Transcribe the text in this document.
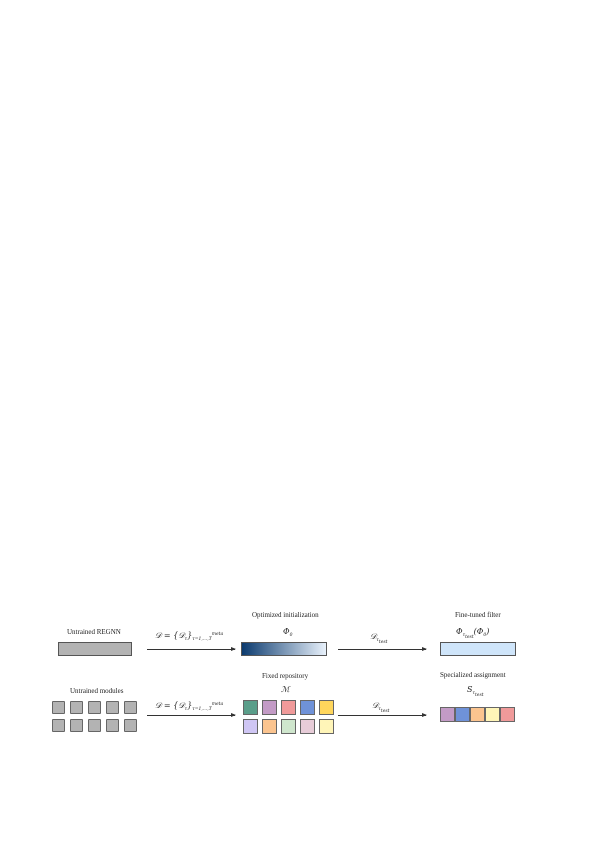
Untrained REGNN	𝒟 = $\{𝒟_\tau\}_{\tau=1,\dots,T}^{meta}$
Optimized initialization
$\Phi_0$	𝒟$_{\tau_{test}}$
Fine-tuned filter
$\Phi_{\tau_{test}}(\Phi_0)$
Untrained modules
𝒟 = $\{𝒟_\tau\}_{\tau=1,\dots,T}^{meta}$
Fixed repository
ℳ
𝒟$_{\tau_{test}}$
Specialized assignment
$S_{\tau_{test}}$
